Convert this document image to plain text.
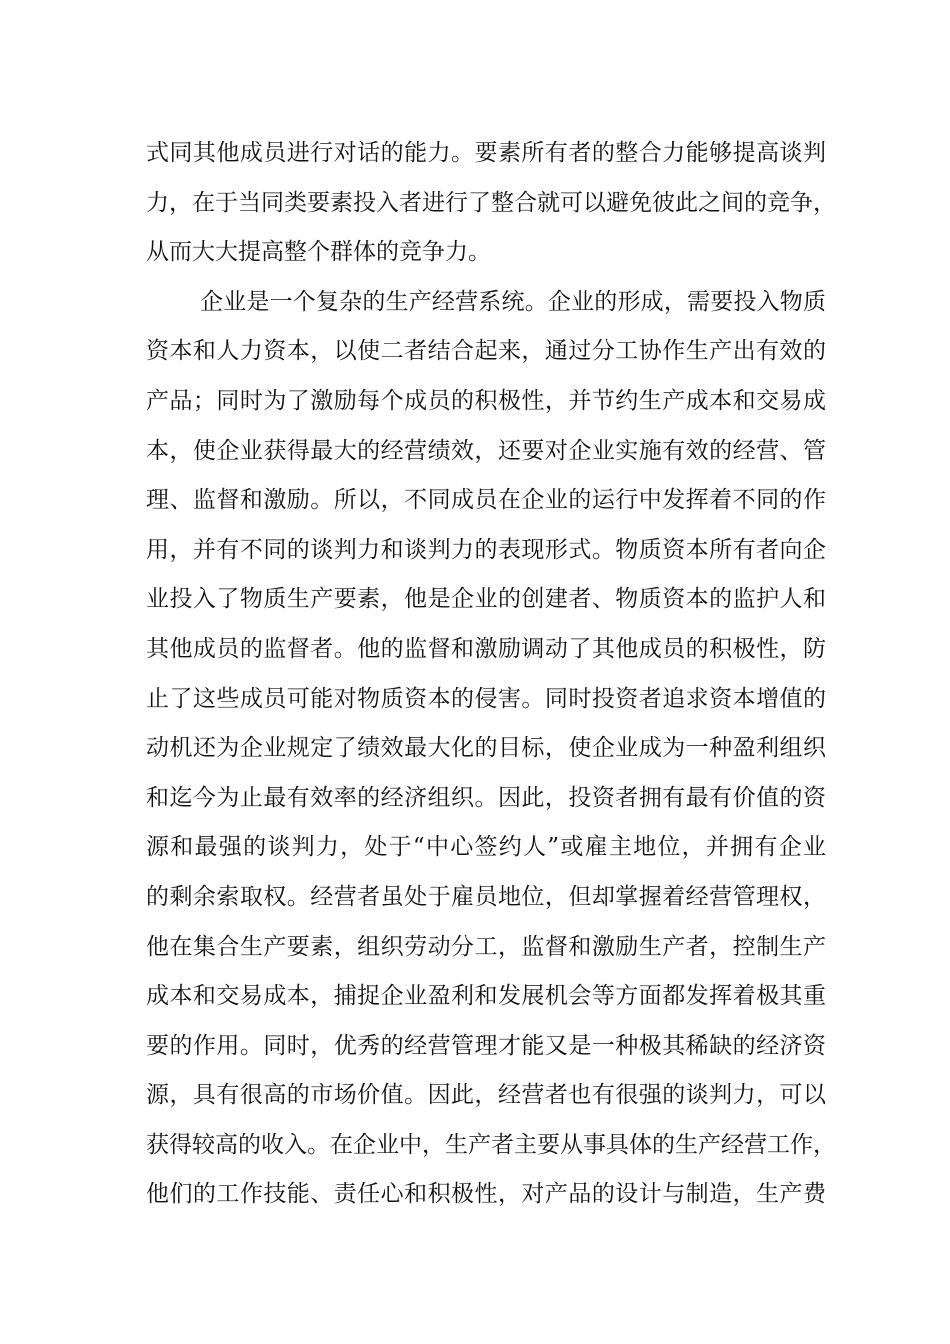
式同其他成员进行对话的能力。要素所有者的整合力能够提高谈判
力，在于当同类要素投入者进行了整合就可以避免彼此之间的竞争，
从而大大提高整个群体的竞争力。
企业是一个复杂的生产经营系统。企业的形成，需要投入物质
资本和人力资本，以使二者结合起来，通过分工协作生产出有效的
产品；同时为了激励每个成员的积极性，并节约生产成本和交易成
本，使企业获得最大的经营绩效，还要对企业实施有效的经营、管
理、监督和激励。所以，不同成员在企业的运行中发挥着不同的作
用，并有不同的谈判力和谈判力的表现形式。物质资本所有者向企
业投入了物质生产要素，他是企业的创建者、物质资本的监护人和
其他成员的监督者。他的监督和激励调动了其他成员的积极性，防
止了这些成员可能对物质资本的侵害。同时投资者追求资本增值的
动机还为企业规定了绩效最大化的目标，使企业成为一种盈利组织
和迄今为止最有效率的经济组织。因此，投资者拥有最有价值的资
源和最强的谈判力，处于“中心签约人”或雇主地位，并拥有企业
的剩余索取权。经营者虽处于雇员地位，但却掌握着经营管理权，
他在集合生产要素，组织劳动分工，监督和激励生产者，控制生产
成本和交易成本，捕捉企业盈利和发展机会等方面都发挥着极其重
要的作用。同时，优秀的经营管理才能又是一种极其稀缺的经济资
源，具有很高的市场价值。因此，经营者也有很强的谈判力，可以
获得较高的收入。在企业中，生产者主要从事具体的生产经营工作，
他们的工作技能、责任心和积极性，对产品的设计与制造，生产费
